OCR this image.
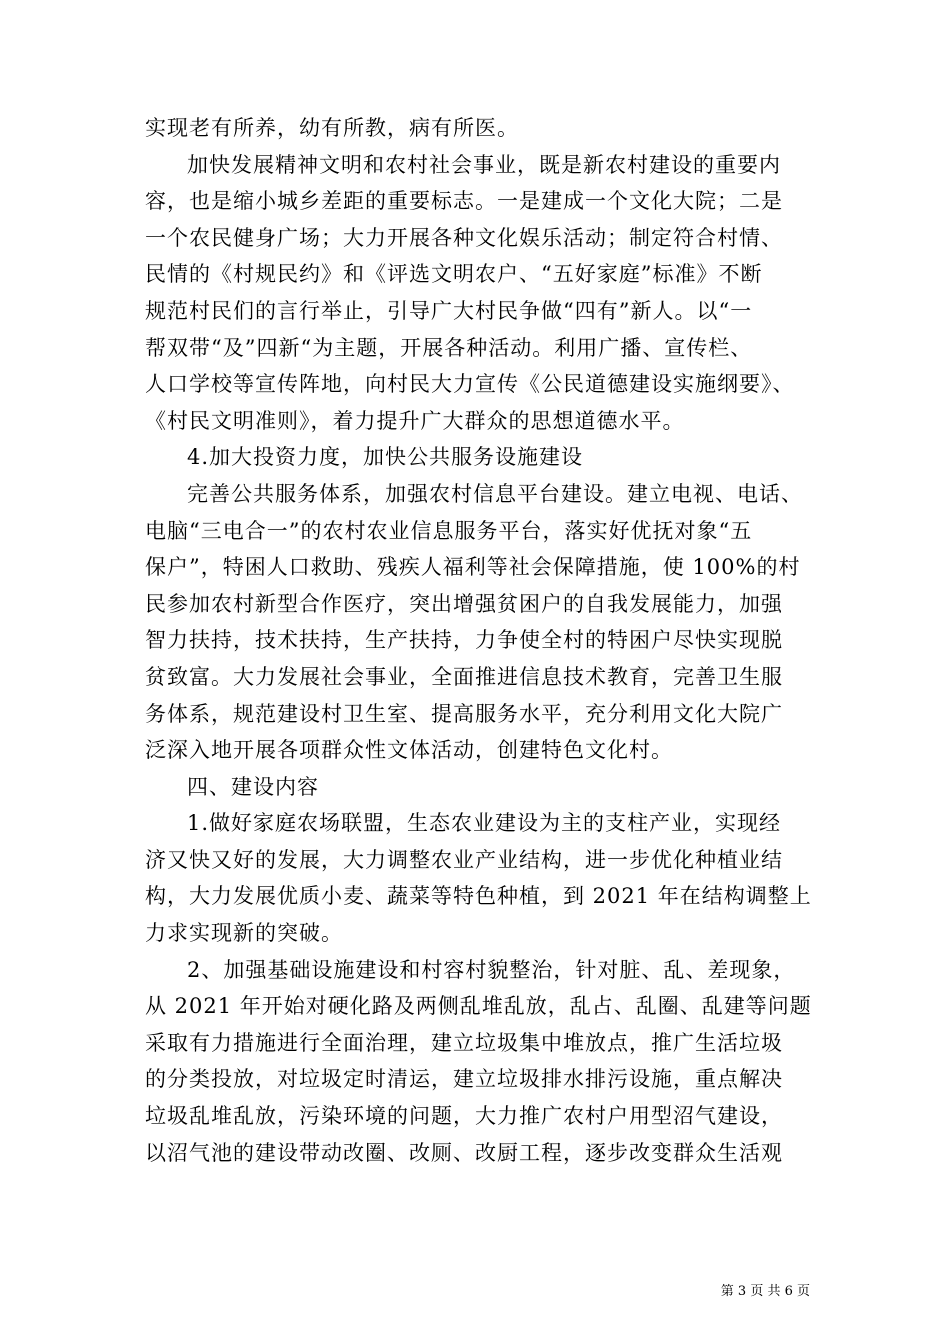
实现老有所养，幼有所教，病有所医。
加快发展精神文明和农村社会事业，既是新农村建设的重要内
容，也是缩小城乡差距的重要标志。一是建成一个文化大院；二是
一个农民健身广场；大力开展各种文化娱乐活动；制定符合村情、
民情的《村规民约》和《评选文明农户、“五好家庭”标准》不断
规范村民们的言行举止，引导广大村民争做“四有”新人。以“一
帮双带“及”四新“为主题，开展各种活动。利用广播、宣传栏、
人口学校等宣传阵地，向村民大力宣传《公民道德建设实施纲要》、
《村民文明准则》，着力提升广大群众的思想道德水平。
4.加大投资力度，加快公共服务设施建设
完善公共服务体系，加强农村信息平台建设。建立电视、电话、
电脑“三电合一”的农村农业信息服务平台，落实好优抚对象“五
保户”，特困人口救助、残疾人福利等社会保障措施，使 100%的村
民参加农村新型合作医疗，突出增强贫困户的自我发展能力，加强
智力扶持，技术扶持，生产扶持，力争使全村的特困户尽快实现脱
贫致富。大力发展社会事业，全面推进信息技术教育，完善卫生服
务体系，规范建设村卫生室、提高服务水平，充分利用文化大院广
泛深入地开展各项群众性文体活动，创建特色文化村。
四、建设内容
1.做好家庭农场联盟，生态农业建设为主的支柱产业，实现经
济又快又好的发展，大力调整农业产业结构，进一步优化种植业结
构，大力发展优质小麦、蔬菜等特色种植，到 2021 年在结构调整上
力求实现新的突破。
2、加强基础设施建设和村容村貌整治，针对脏、乱、差现象，
从 2021 年开始对硬化路及两侧乱堆乱放，乱占、乱圈、乱建等问题
采取有力措施进行全面治理，建立垃圾集中堆放点，推广生活垃圾
的分类投放，对垃圾定时清运，建立垃圾排水排污设施，重点解决
垃圾乱堆乱放，污染环境的问题，大力推广农村户用型沼气建设，
以沼气池的建设带动改圈、改厕、改厨工程，逐步改变群众生活观
第 3 页 共 6 页
